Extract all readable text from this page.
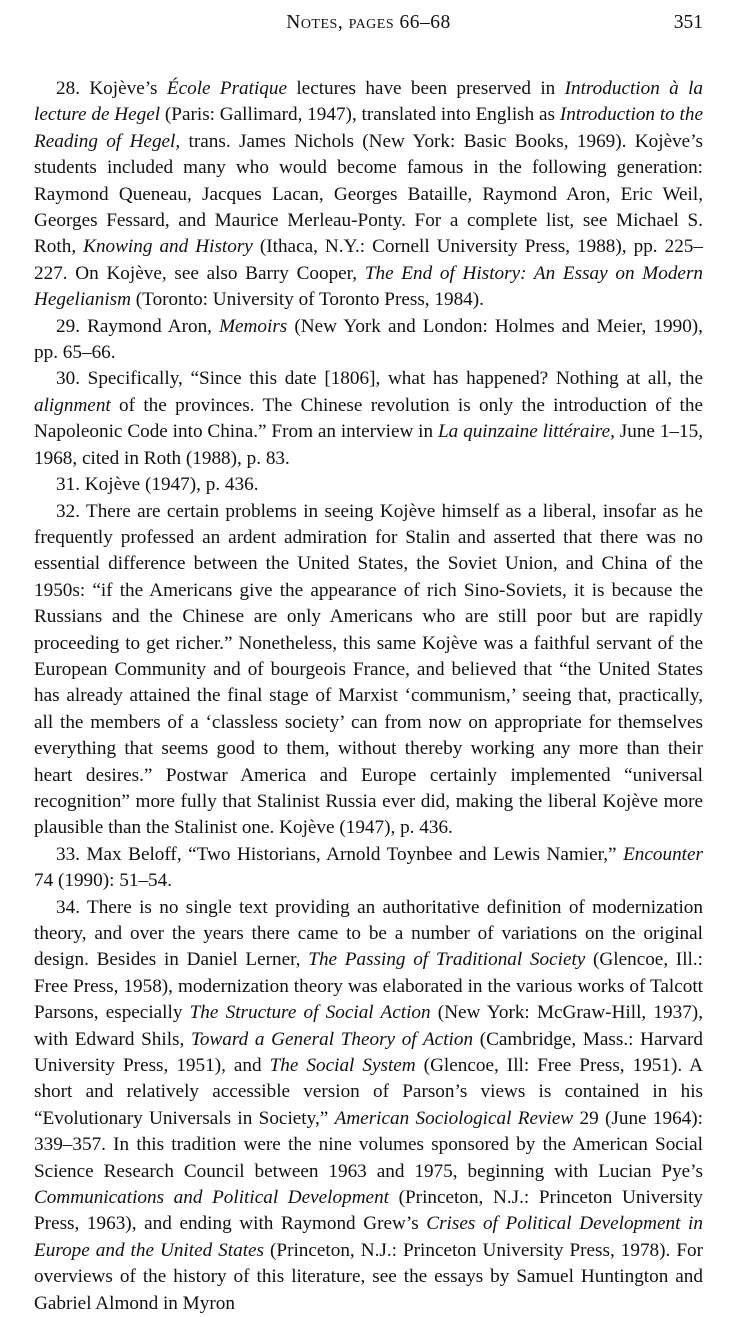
Notes, pages 66–68	351

28. Kojève’s École Pratique lectures have been preserved in Introduction à la lecture de Hegel (Paris: Gallimard, 1947), translated into English as Introduction to the Reading of Hegel, trans. James Nichols (New York: Basic Books, 1969). Kojève’s students included many who would become famous in the following generation: Raymond Queneau, Jacques Lacan, Georges Bataille, Raymond Aron, Eric Weil, Georges Fessard, and Maurice Merleau-Ponty. For a complete list, see Michael S. Roth, Knowing and History (Ithaca, N.Y.: Cornell University Press, 1988), pp. 225–227. On Kojève, see also Barry Cooper, The End of History: An Essay on Modern Hegelianism (Toronto: University of Toronto Press, 1984).

29. Raymond Aron, Memoirs (New York and London: Holmes and Meier, 1990), pp. 65–66.

30. Specifically, “Since this date [1806], what has happened? Nothing at all, the alignment of the provinces. The Chinese revolution is only the introduction of the Napoleonic Code into China.” From an interview in La quinzaine littéraire, June 1–15, 1968, cited in Roth (1988), p. 83.

31. Kojève (1947), p. 436.

32. There are certain problems in seeing Kojève himself as a liberal, insofar as he frequently professed an ardent admiration for Stalin and asserted that there was no essential difference between the United States, the Soviet Union, and China of the 1950s: “if the Americans give the appearance of rich Sino-Soviets, it is because the Russians and the Chinese are only Americans who are still poor but are rapidly proceeding to get richer.” Nonetheless, this same Kojève was a faithful servant of the European Community and of bourgeois France, and believed that “the United States has already attained the final stage of Marxist ‘communism,’ seeing that, practically, all the members of a ‘classless society’ can from now on appropriate for themselves everything that seems good to them, without thereby working any more than their heart desires.” Postwar America and Europe certainly implemented “universal recognition” more fully that Stalinist Russia ever did, making the liberal Kojève more plausible than the Stalinist one. Kojève (1947), p. 436.

33. Max Beloff, “Two Historians, Arnold Toynbee and Lewis Namier,” Encounter 74 (1990): 51–54.

34. There is no single text providing an authoritative definition of modernization theory, and over the years there came to be a number of variations on the original design. Besides in Daniel Lerner, The Passing of Traditional Society (Glencoe, Ill.: Free Press, 1958), modernization theory was elaborated in the various works of Talcott Parsons, especially The Structure of Social Action (New York: McGraw-Hill, 1937), with Edward Shils, Toward a General Theory of Action (Cambridge, Mass.: Harvard University Press, 1951), and The Social System (Glencoe, Ill: Free Press, 1951). A short and relatively accessible version of Parson’s views is contained in his “Evolutionary Universals in Society,” American Sociological Review 29 (June 1964): 339–357. In this tradition were the nine volumes sponsored by the American Social Science Research Council between 1963 and 1975, beginning with Lucian Pye’s Communications and Political Development (Princeton, N.J.: Princeton University Press, 1963), and ending with Raymond Grew’s Crises of Political Development in Europe and the United States (Princeton, N.J.: Princeton University Press, 1978). For overviews of the history of this literature, see the essays by Samuel Huntington and Gabriel Almond in Myron
